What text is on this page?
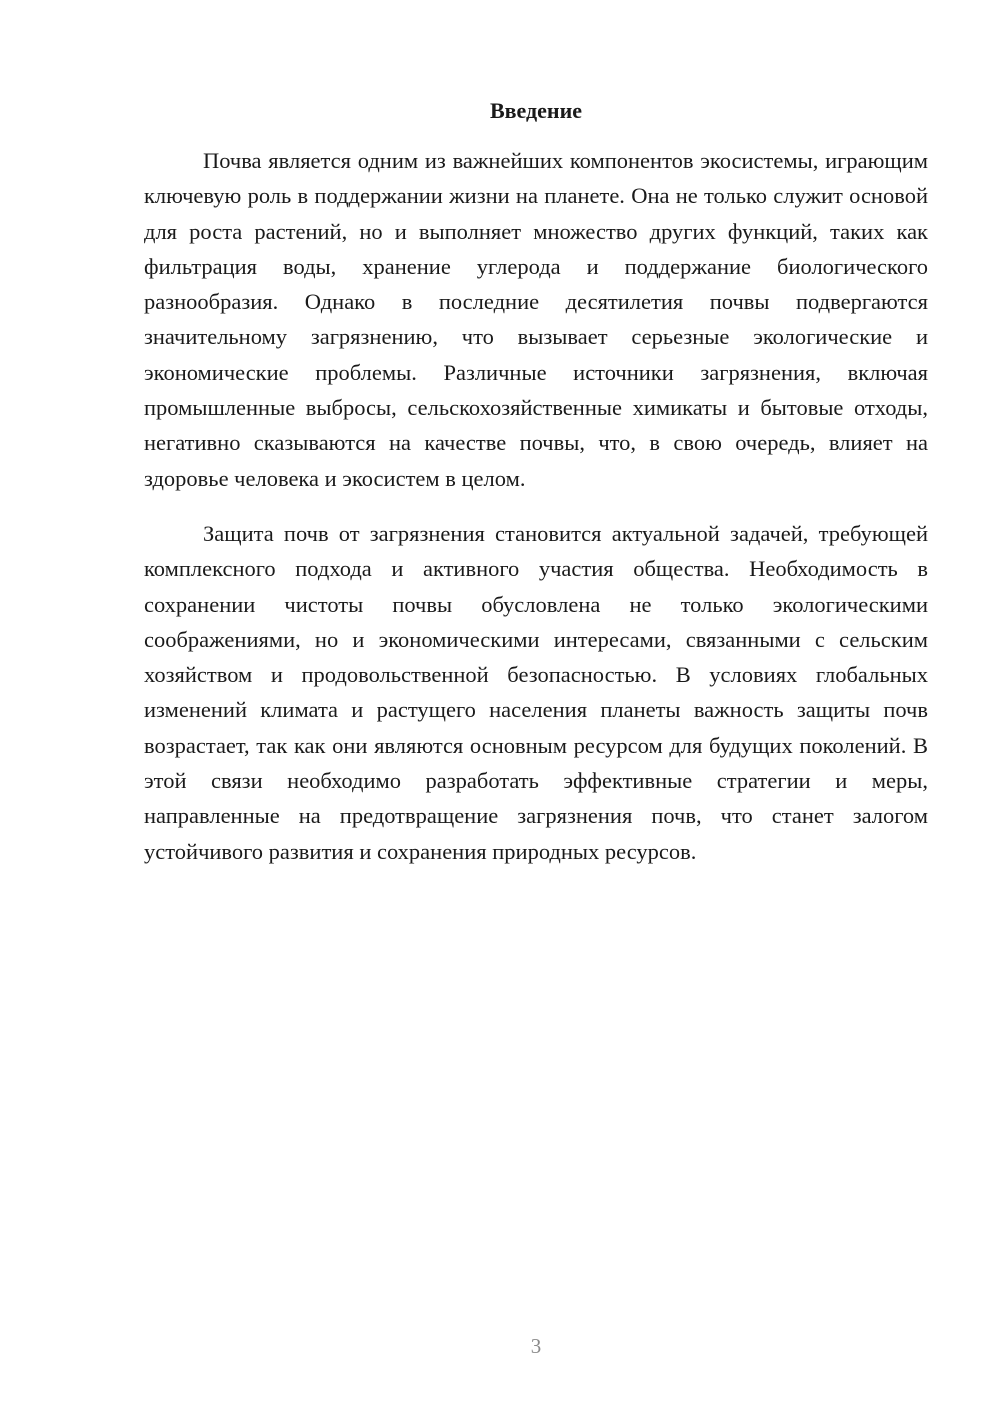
Введение

Почва является одним из важнейших компонентов экосистемы, играющим ключевую роль в поддержании жизни на планете. Она не только служит основой для роста растений, но и выполняет множество других функций, таких как фильтрация воды, хранение углерода и поддержание биологического разнообразия. Однако в последние десятилетия почвы подвергаются значительному загрязнению, что вызывает серьезные экологические и экономические проблемы. Различные источники загрязнения, включая промышленные выбросы, сельскохозяйственные химикаты и бытовые отходы, негативно сказываются на качестве почвы, что, в свою очередь, влияет на здоровье человека и экосистем в целом.

Защита почв от загрязнения становится актуальной задачей, требующей комплексного подхода и активного участия общества. Необходимость в сохранении чистоты почвы обусловлена не только экологическими соображениями, но и экономическими интересами, связанными с сельским хозяйством и продовольственной безопасностью. В условиях глобальных изменений климата и растущего населения планеты важность защиты почв возрастает, так как они являются основным ресурсом для будущих поколений. В этой связи необходимо разработать эффективные стратегии и меры, направленные на предотвращение загрязнения почв, что станет залогом устойчивого развития и сохранения природных ресурсов.

3
